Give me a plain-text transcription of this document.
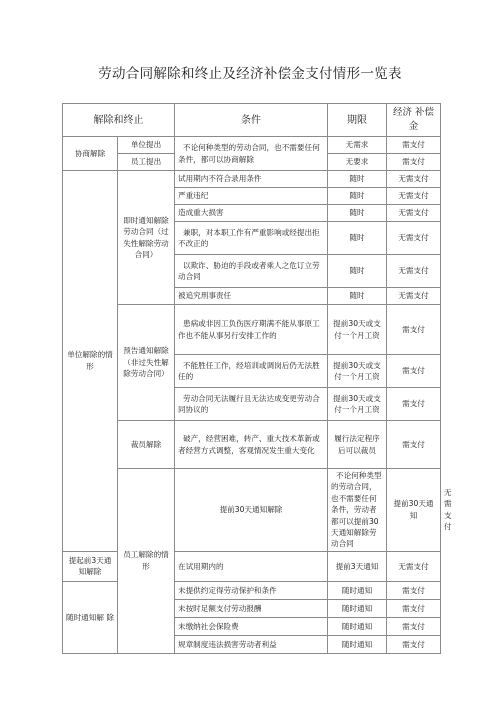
劳动合同解除和终止及经济补偿金支付情形一览表
解除和终止		条件	期限	经济 补偿金	
协商解除	单位提出	不论何种类型的劳动合同，也不需要任何条件，都可以协商解除	无需求	需支付	
	员工提出		无要求	需支付	
单位解除的情形	即时通知解除劳动合同（过失性解除劳动合同）	试用期内不符合录用条件	随时	无需支付	
		严重违纪	随时	无需支付	
		造成重大损害	随时	无需支付	
		兼职，对本职工作有严重影响或经提出拒不改正的	随时	无需支付	
		以欺诈、胁迫的手段或者乘人之危订立劳动合同	随时	无需支付	
		被追究刑事责任	随时	无需支付	
	预告通知解除（非过失性解除劳动合同）	患病或非因工负伤医疗期满不能从事原工作也不能从事另行安排工作的	提前30天或支付一个月工资	需支付	
		不能胜任工作，经培训或调岗后仍无法胜任的	提前30天或支付一个月工资	需支付	
		劳动合同无法履行且无法达成变更劳动合同协议的	提前30天或支付一个月工资	需支付	
	裁员解除	破产，经营困难，转产、重大技术革新或者经营方式调整，客观情况发生重大变化	履行法定程序后可以裁员	需支付	
	员工解除的情形	提前30天通知解除	不论何种类型的劳动合同，也不需要任何条件，劳动者都可以提前30天通知解除劳动合同	提前30天通知	无需支付
提起前3天通知解除		在试用期内的	提前3天通知	无需支付	
随时通知解 除		未提供约定得劳动保护和条件	随时通知	需支付	
		未按时足额支付劳动报酬	随时通知	需支付	
		未缴纳社会保险费	随时通知	需支付	
		规章制度违法损害劳动者利益	随时通知	需支付	
